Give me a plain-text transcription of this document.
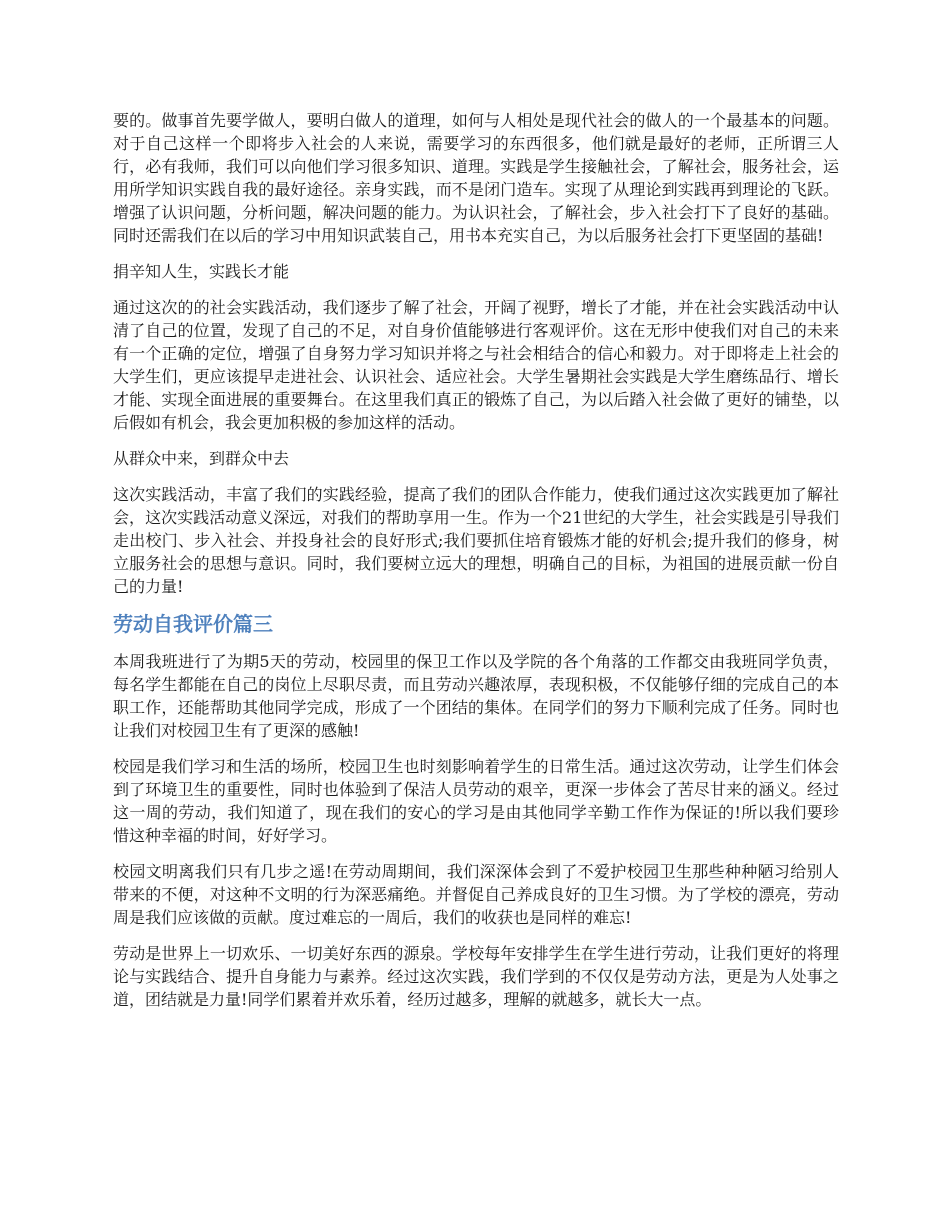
要的。做事首先要学做人，要明白做人的道理，如何与人相处是现代社会的做人的一个最基本的问题。对于自己这样一个即将步入社会的人来说，需要学习的东西很多，他们就是最好的老师，正所谓三人行，必有我师，我们可以向他们学习很多知识、道理。实践是学生接触社会，了解社会，服务社会，运用所学知识实践自我的最好途径。亲身实践，而不是闭门造车。实现了从理论到实践再到理论的飞跃。增强了认识问题，分析问题，解决问题的能力。为认识社会，了解社会，步入社会打下了良好的基础。同时还需我们在以后的学习中用知识武装自己，用书本充实自己，为以后服务社会打下更坚固的基础!

捐辛知人生，实践长才能

通过这次的的社会实践活动，我们逐步了解了社会，开阔了视野，增长了才能，并在社会实践活动中认清了自己的位置，发现了自己的不足，对自身价值能够进行客观评价。这在无形中使我们对自己的未来有一个正确的定位，增强了自身努力学习知识并将之与社会相结合的信心和毅力。对于即将走上社会的大学生们，更应该提早走进社会、认识社会、适应社会。大学生暑期社会实践是大学生磨练品行、增长才能、实现全面进展的重要舞台。在这里我们真正的锻炼了自己，为以后踏入社会做了更好的铺垫，以后假如有机会，我会更加积极的参加这样的活动。

从群众中来，到群众中去

这次实践活动，丰富了我们的实践经验，提高了我们的团队合作能力，使我们通过这次实践更加了解社会，这次实践活动意义深远，对我们的帮助享用一生。作为一个21世纪的大学生，社会实践是引导我们走出校门、步入社会、并投身社会的良好形式;我们要抓住培育锻炼才能的好机会;提升我们的修身，树立服务社会的思想与意识。同时，我们要树立远大的理想，明确自己的目标，为祖国的进展贡献一份自己的力量!

劳动自我评价篇三

本周我班进行了为期5天的劳动，校园里的保卫工作以及学院的各个角落的工作都交由我班同学负责，每名学生都能在自己的岗位上尽职尽责，而且劳动兴趣浓厚，表现积极，不仅能够仔细的完成自己的本职工作，还能帮助其他同学完成，形成了一个团结的集体。在同学们的努力下顺利完成了任务。同时也让我们对校园卫生有了更深的感触!

校园是我们学习和生活的场所，校园卫生也时刻影响着学生的日常生活。通过这次劳动，让学生们体会到了环境卫生的重要性，同时也体验到了保洁人员劳动的艰辛，更深一步体会了苦尽甘来的涵义。经过这一周的劳动，我们知道了，现在我们的安心的学习是由其他同学辛勤工作作为保证的!所以我们要珍惜这种幸福的时间，好好学习。

校园文明离我们只有几步之遥!在劳动周期间，我们深深体会到了不爱护校园卫生那些种种陋习给别人带来的不便，对这种不文明的行为深恶痛绝。并督促自己养成良好的卫生习惯。为了学校的漂亮，劳动周是我们应该做的贡献。度过难忘的一周后，我们的收获也是同样的难忘!

劳动是世界上一切欢乐、一切美好东西的源泉。学校每年安排学生在学生进行劳动，让我们更好的将理论与实践结合、提升自身能力与素养。经过这次实践，我们学到的不仅仅是劳动方法，更是为人处事之道，团结就是力量!同学们累着并欢乐着，经历过越多，理解的就越多，就长大一点。
